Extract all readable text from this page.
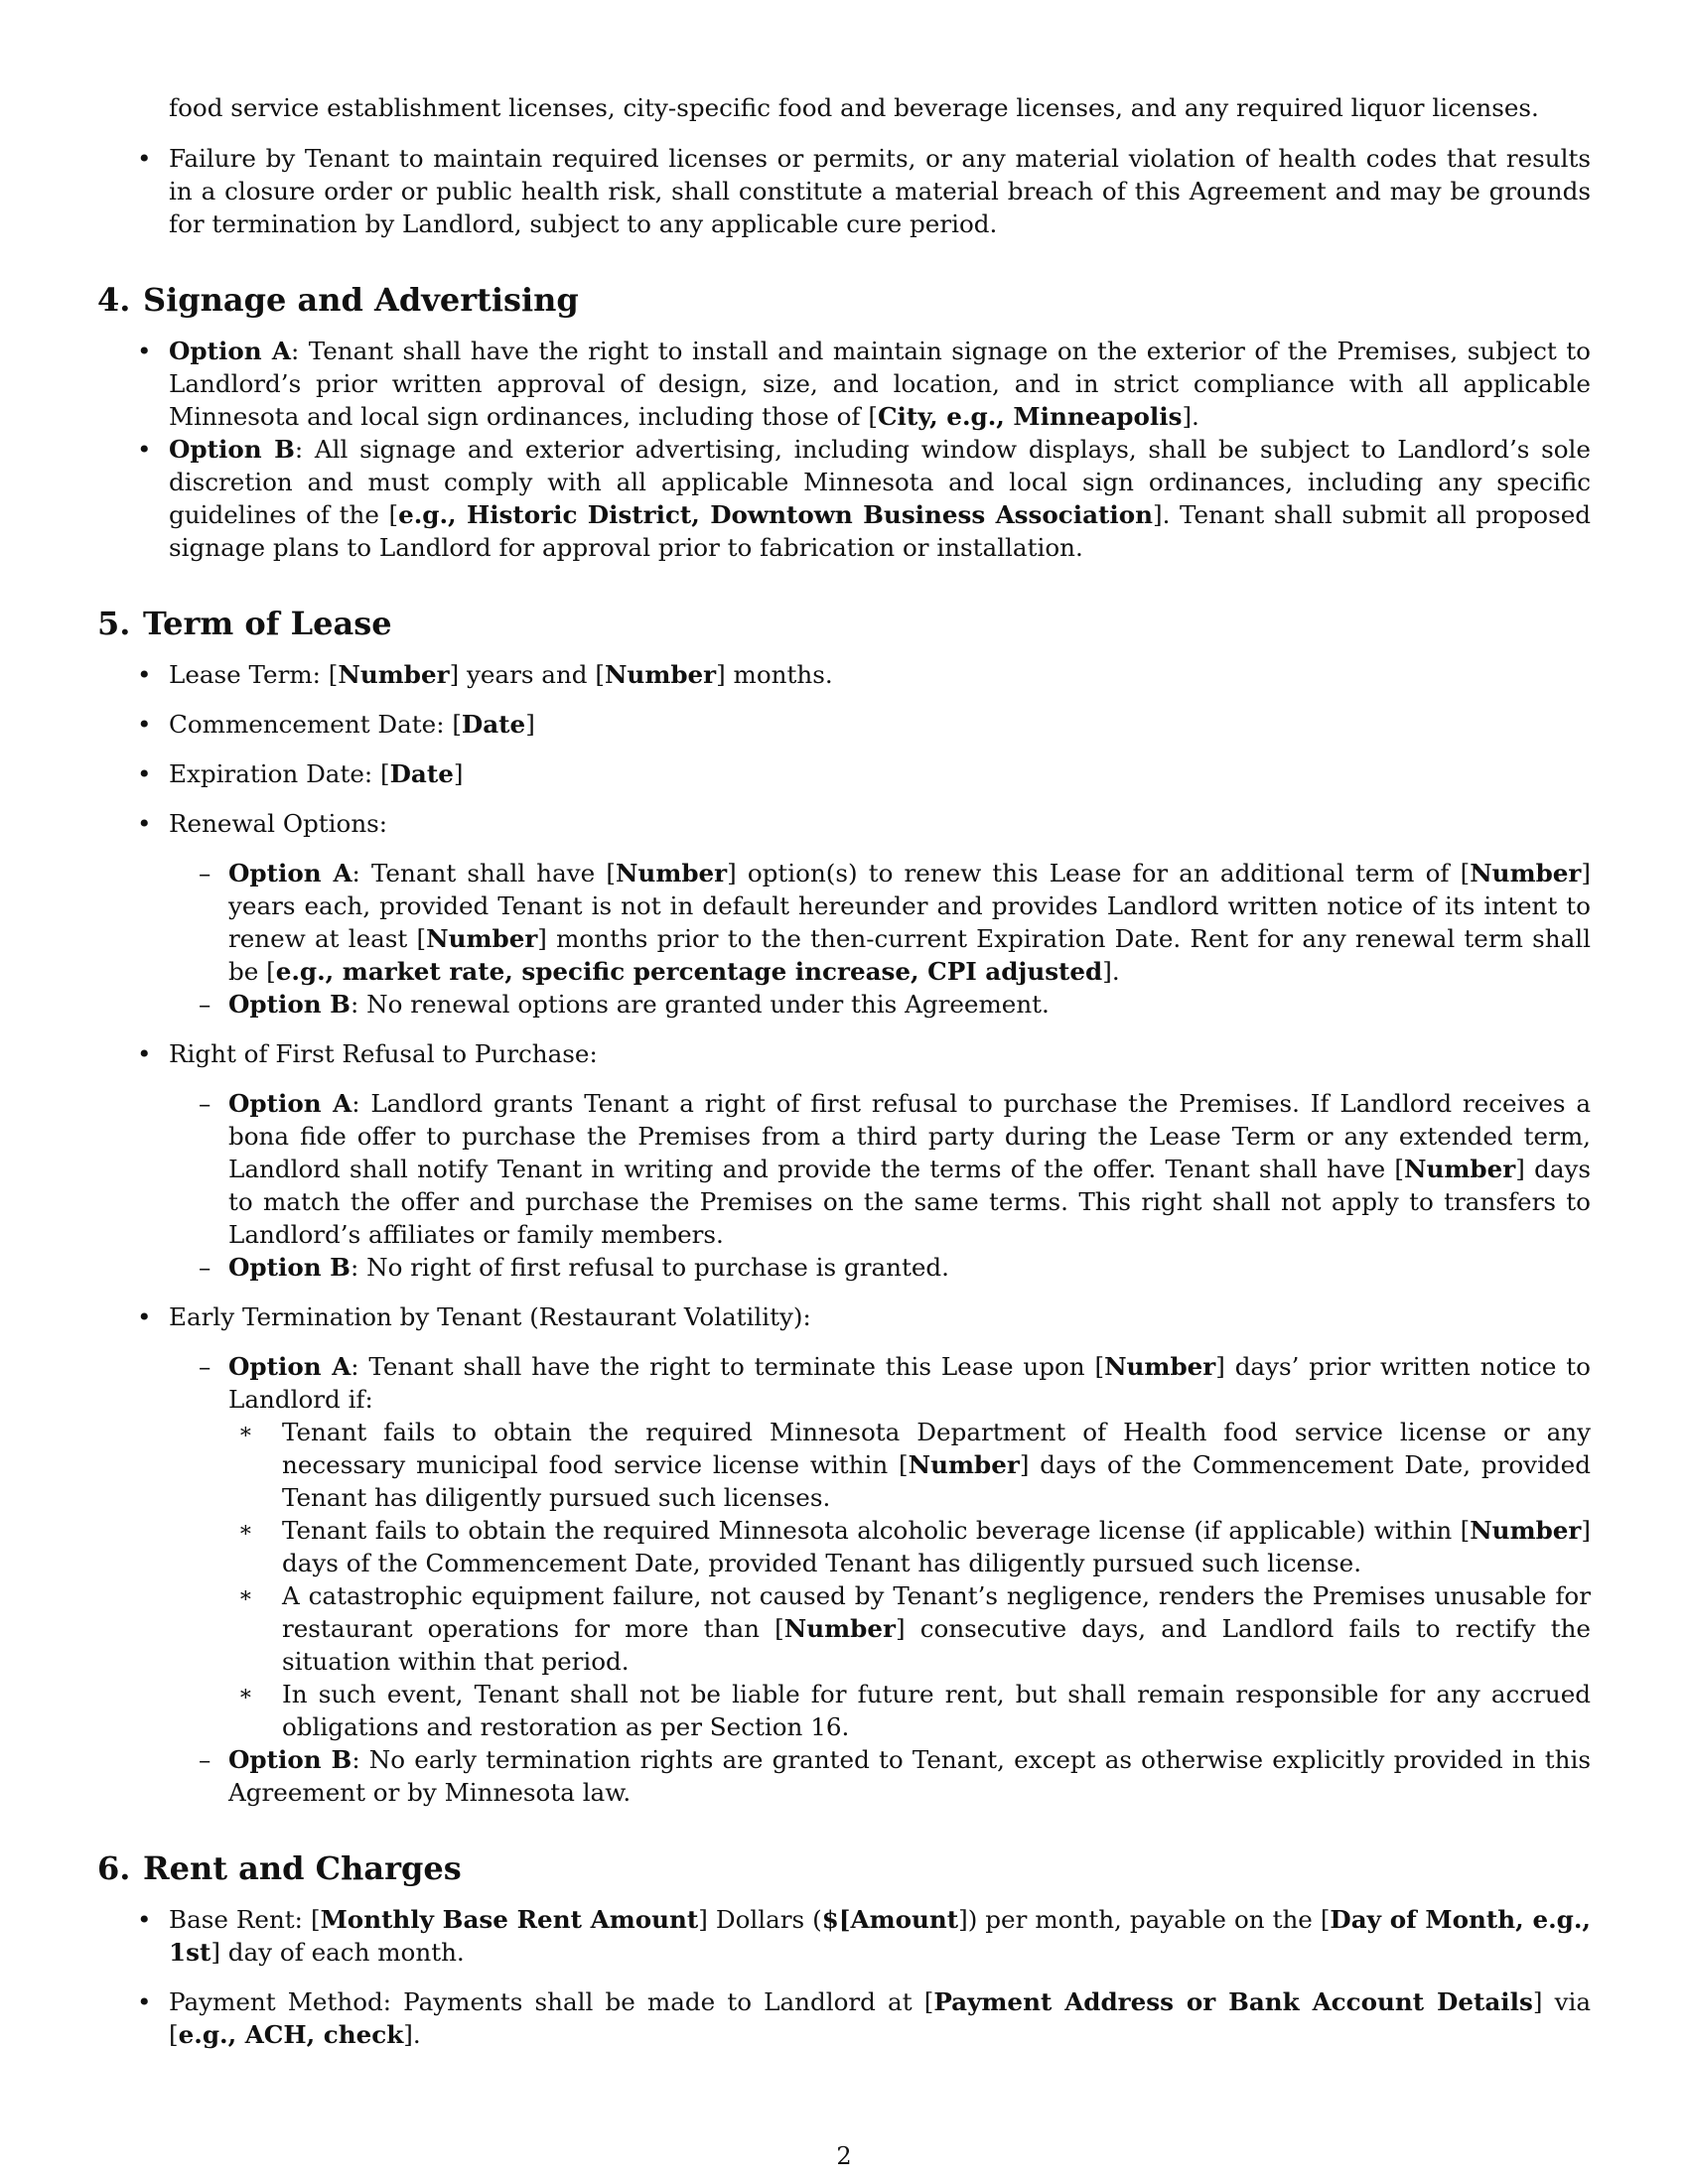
food service establishment licenses, city-specific food and beverage licenses, and any required liquor licenses.

• Failure by Tenant to maintain required licenses or permits, or any material violation of health codes that results in a closure order or public health risk, shall constitute a material breach of this Agreement and may be grounds for termination by Landlord, subject to any applicable cure period.
4. Signage and Advertising
• Option A: Tenant shall have the right to install and maintain signage on the exterior of the Premises, subject to Landlord’s prior written approval of design, size, and location, and in strict compliance with all applicable Minnesota and local sign ordinances, including those of [City, e.g., Minneapolis].
• Option B: All signage and exterior advertising, including window displays, shall be subject to Landlord’s sole discretion and must comply with all applicable Minnesota and local sign ordinances, including any specific guidelines of the [e.g., Historic District, Downtown Business Association]. Tenant shall submit all proposed signage plans to Landlord for approval prior to fabrication or installation.
5. Term of Lease
• Lease Term: [Number] years and [Number] months.
• Commencement Date: [Date]
• Expiration Date: [Date]
• Renewal Options:
– Option A: Tenant shall have [Number] option(s) to renew this Lease for an additional term of [Number] years each, provided Tenant is not in default hereunder and provides Landlord written notice of its intent to renew at least [Number] months prior to the then-current Expiration Date. Rent for any renewal term shall be [e.g., market rate, specific percentage increase, CPI adjusted].
– Option B: No renewal options are granted under this Agreement.
• Right of First Refusal to Purchase:
– Option A: Landlord grants Tenant a right of first refusal to purchase the Premises. If Landlord receives a bona fide offer to purchase the Premises from a third party during the Lease Term or any extended term, Landlord shall notify Tenant in writing and provide the terms of the offer. Tenant shall have [Number] days to match the offer and purchase the Premises on the same terms. This right shall not apply to transfers to Landlord’s affiliates or family members.
– Option B: No right of first refusal to purchase is granted.
• Early Termination by Tenant (Restaurant Volatility):
– Option A: Tenant shall have the right to terminate this Lease upon [Number] days’ prior written notice to Landlord if:
∗ Tenant fails to obtain the required Minnesota Department of Health food service license or any necessary municipal food service license within [Number] days of the Commencement Date, provided Tenant has diligently pursued such licenses.
∗ Tenant fails to obtain the required Minnesota alcoholic beverage license (if applicable) within [Number] days of the Commencement Date, provided Tenant has diligently pursued such license.
∗ A catastrophic equipment failure, not caused by Tenant’s negligence, renders the Premises unusable for restaurant operations for more than [Number] consecutive days, and Landlord fails to rectify the situation within that period.
∗ In such event, Tenant shall not be liable for future rent, but shall remain responsible for any accrued obligations and restoration as per Section 16.
– Option B: No early termination rights are granted to Tenant, except as otherwise explicitly provided in this Agreement or by Minnesota law.
6. Rent and Charges
• Base Rent: [Monthly Base Rent Amount] Dollars ($[Amount]) per month, payable on the [Day of Month, e.g., 1st] day of each month.
• Payment Method: Payments shall be made to Landlord at [Payment Address or Bank Account Details] via [e.g., ACH, check].
2
